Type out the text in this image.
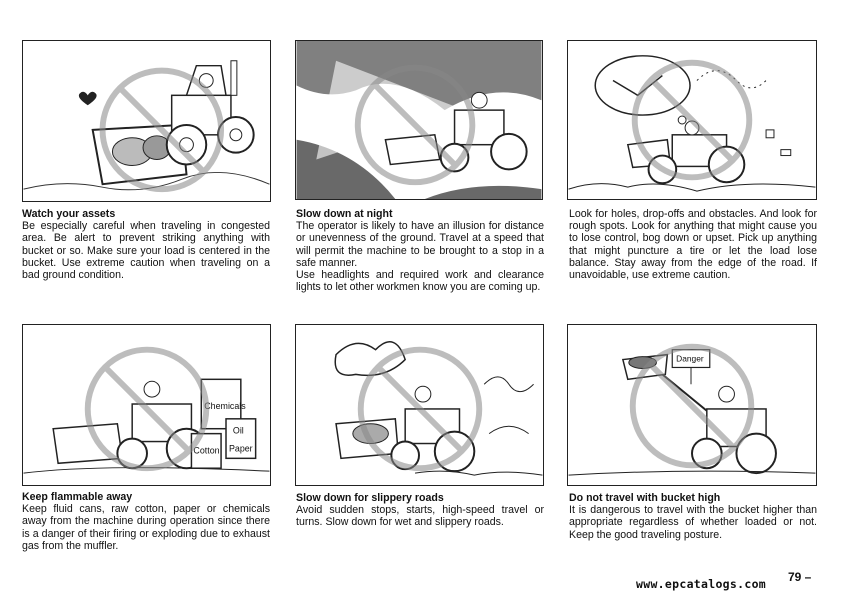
Watch your assets
Be especially careful when traveling in congested area. Be alert to prevent striking anything with bucket or so. Make sure your load is centered in the bucket. Use extreme caution when traveling on a bad ground condition.
Slow down at night
The operator is likely to have an illusion for distance or unevenness of the ground. Travel at a speed that will permit the machine to be brought to a stop in a safe manner.
Use headlights and required work and clearance lights to let other workmen know you are coming up.
Look for holes, drop-offs and obstacles. And look for rough spots. Look for anything that might cause you to lose control, bog down or upset. Pick up anything that might puncture a tire or let the load lose balance. Stay away from the edge of the road. If unavoidable, use extreme caution.
Chemicals
Oil
Cotton Paper
Keep flammable away
Keep fluid cans, raw cotton, paper or chemicals away from the machine during operation since there is a danger of their firing or exploding due to exhaust gas from the muffler.
Slow down for slippery roads
Avoid sudden stops, starts, high-speed travel or turns. Slow down for wet and slippery roads.
Danger
Do not travel with bucket high
It is dangerous to travel with the bucket higher than appropriate regardless of whether loaded or not. Keep the good traveling posture.
www.epcatalogs.com 79 –
